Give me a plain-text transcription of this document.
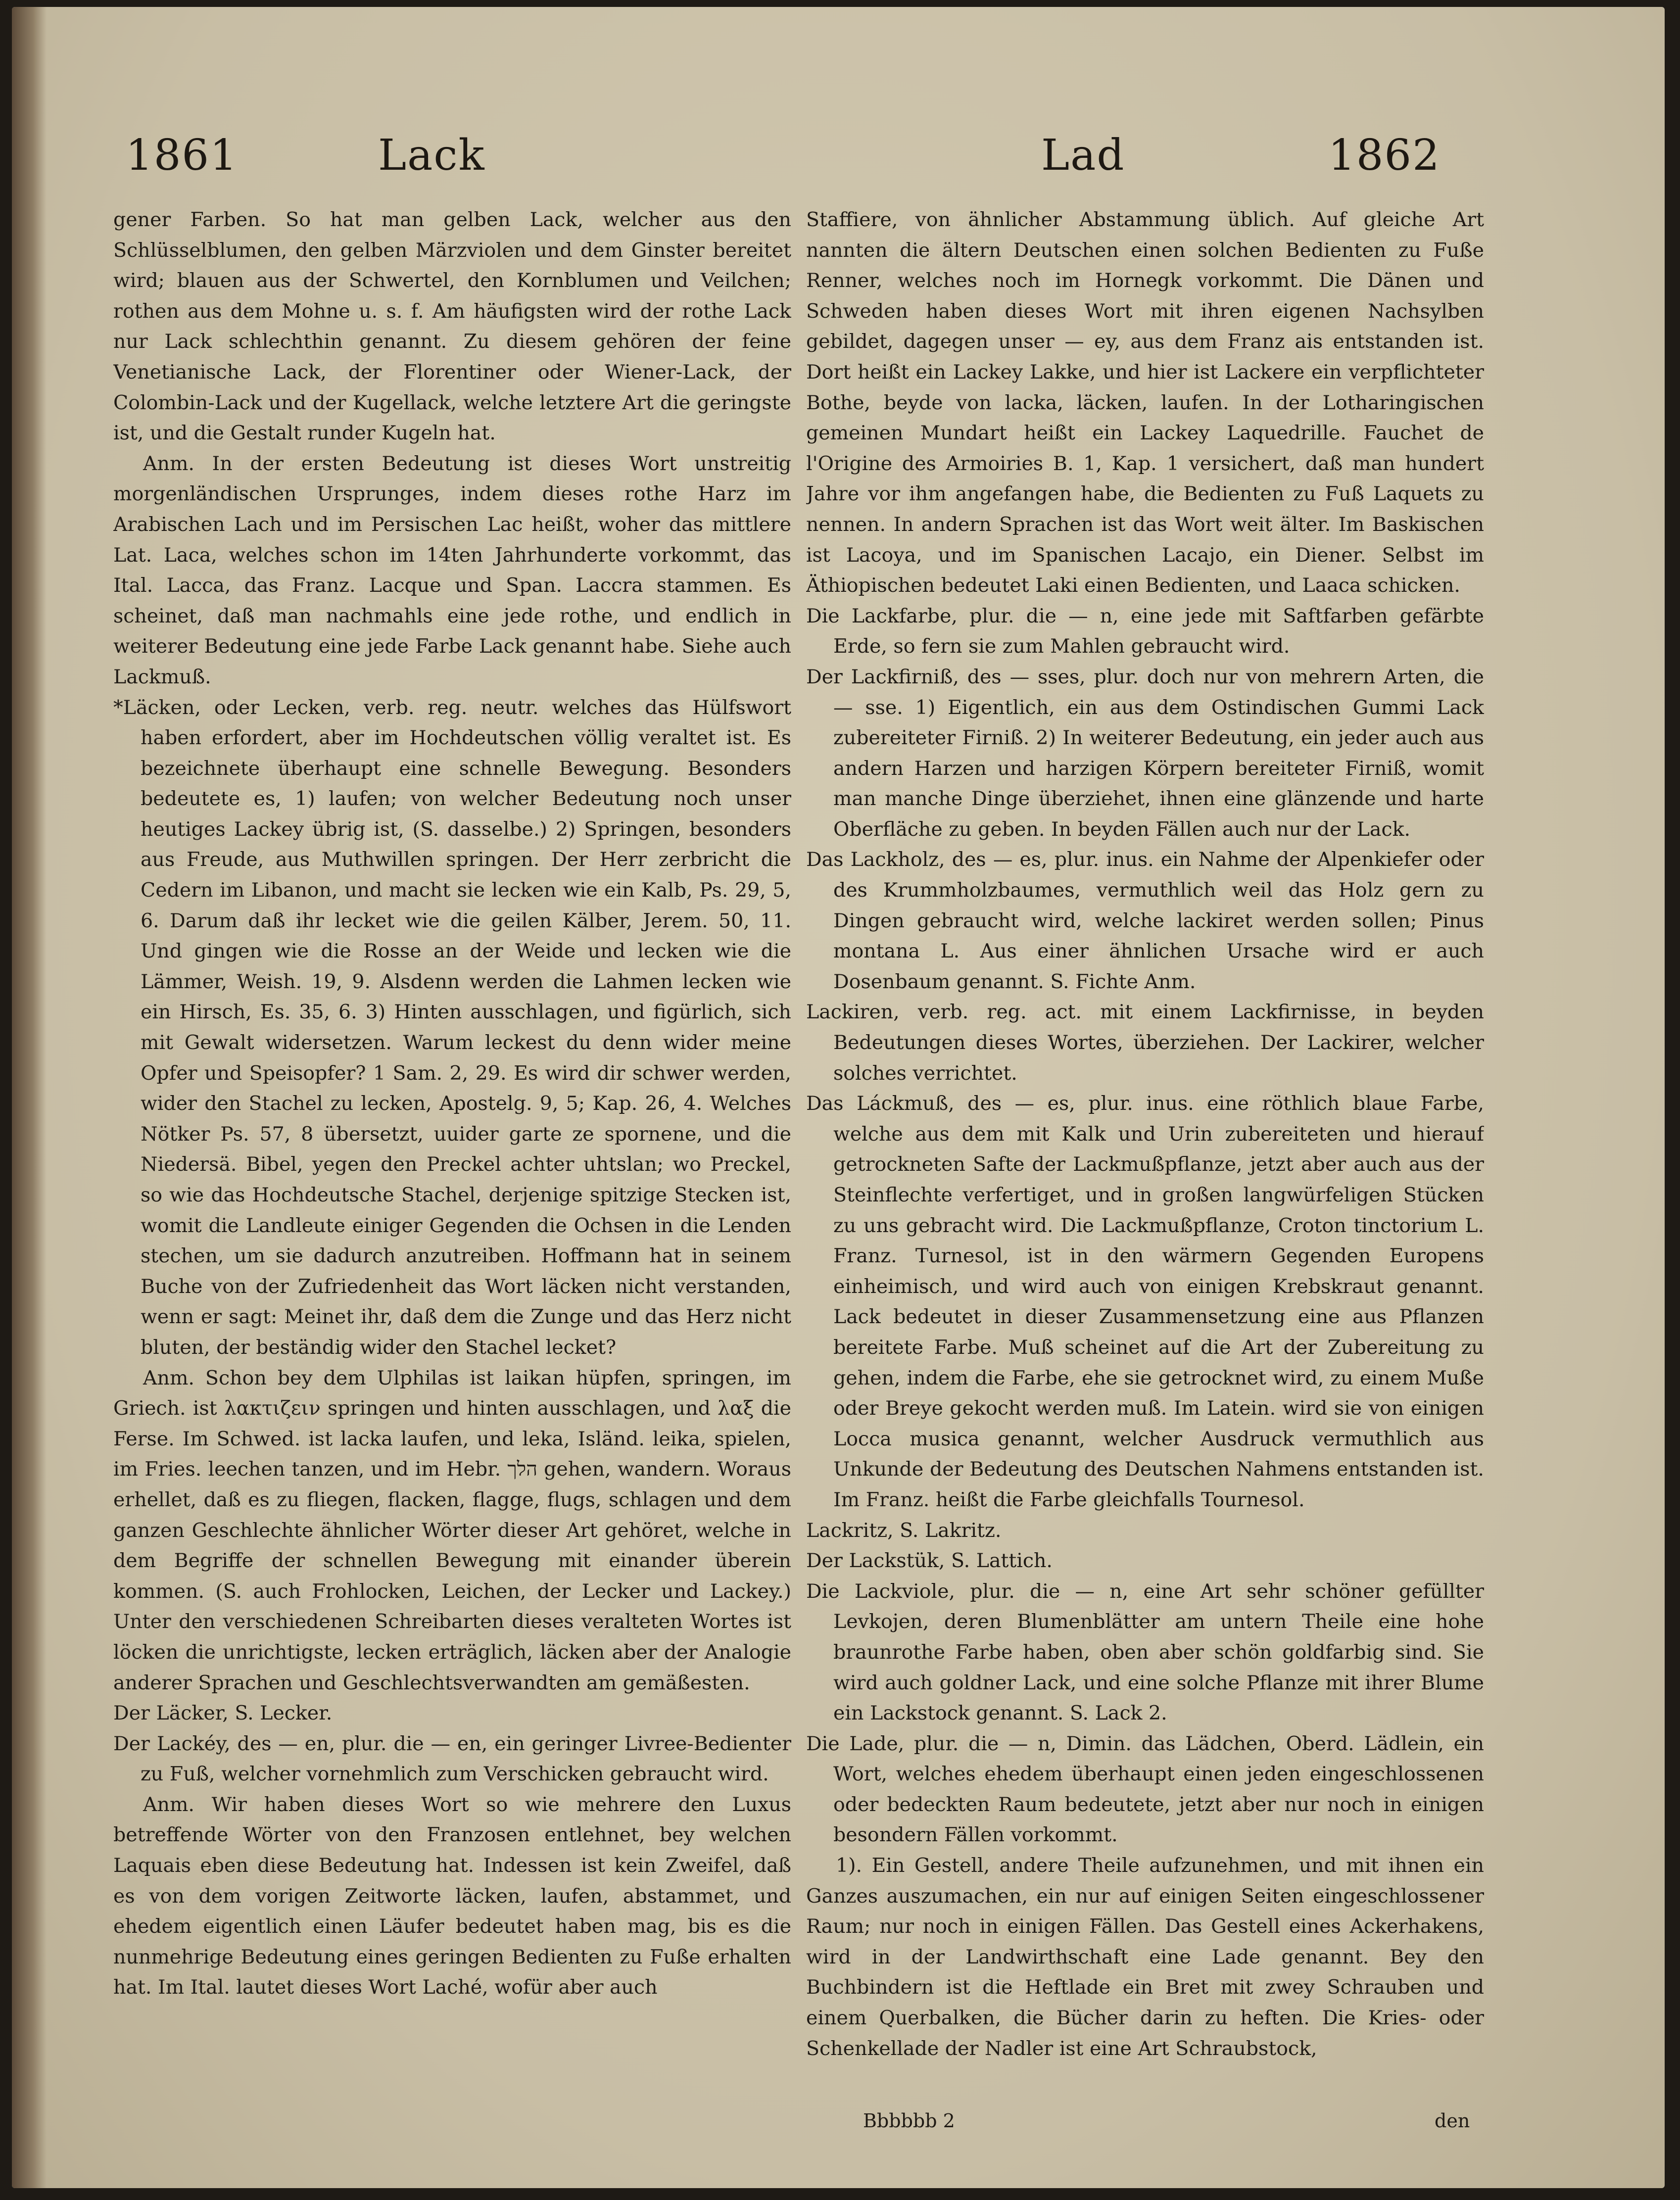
1861	Lack	Lad	1862

gener Farben. So hat man gelben Lack, welcher aus den Schlüsselblumen, den gelben Märzviolen und dem Ginster bereitet wird; blauen aus der Schwertel, den Kornblumen und Veilchen; rothen aus dem Mohne u. s. f. Am häufigsten wird der rothe Lack nur Lack schlechthin genannt. Zu diesem gehören der feine Venetianische Lack, der Florentiner oder Wiener-Lack, der Colombin-Lack und der Kugellack, welche letztere Art die geringste ist, und die Gestalt runder Kugeln hat.

Anm. In der ersten Bedeutung ist dieses Wort unstreitig morgenländischen Ursprunges, indem dieses rothe Harz im Arabischen Lach und im Persischen Lac heißt, woher das mittlere Lat. Laca, welches schon im 14ten Jahrhunderte vorkommt, das Ital. Lacca, das Franz. Lacque und Span. Laccra stammen. Es scheinet, daß man nachmahls eine jede rothe, und endlich in weiterer Bedeutung eine jede Farbe Lack genannt habe. Siehe auch Lackmuß.

*Läcken, oder Lecken, verb. reg. neutr. welches das Hülfswort haben erfordert, aber im Hochdeutschen völlig veraltet ist. Es bezeichnete überhaupt eine schnelle Bewegung. Besonders bedeutete es, 1) laufen; von welcher Bedeutung noch unser heutiges Lackey übrig ist, (S. dasselbe.) 2) Springen, besonders aus Freude, aus Muthwillen springen. Der Herr zerbricht die Cedern im Libanon, und macht sie lecken wie ein Kalb, Ps. 29, 5, 6. Darum daß ihr lecket wie die geilen Kälber, Jerem. 50, 11. Und gingen wie die Rosse an der Weide und lecken wie die Lämmer, Weish. 19, 9. Alsdenn werden die Lahmen lecken wie ein Hirsch, Es. 35, 6. 3) Hinten ausschlagen, und figürlich, sich mit Gewalt widersetzen. Warum leckest du denn wider meine Opfer und Speisopfer? 1 Sam. 2, 29. Es wird dir schwer werden, wider den Stachel zu lecken, Apostelg. 9, 5; Kap. 26, 4. Welches Nötker Ps. 57, 8 übersetzt, uuider garte ze spornene, und die Niedersä. Bibel, yegen den Preckel achter uhtslan; wo Preckel, so wie das Hochdeutsche Stachel, derjenige spitzige Stecken ist, womit die Landleute einiger Gegenden die Ochsen in die Lenden stechen, um sie dadurch anzutreiben. Hoffmann hat in seinem Buche von der Zufriedenheit das Wort läcken nicht verstanden, wenn er sagt: Meinet ihr, daß dem die Zunge und das Herz nicht bluten, der beständig wider den Stachel lecket?

Anm. Schon bey dem Ulphilas ist laikan hüpfen, springen, im Griech. ist λακτιζειν springen und hinten ausschlagen, und λαξ die Ferse. Im Schwed. ist lacka laufen, und leka, Isländ. leika, spielen, im Fries. leechen tanzen, und im Hebr. הלך gehen, wandern. Woraus erhellet, daß es zu fliegen, flacken, flagge, flugs, schlagen und dem ganzen Geschlechte ähnlicher Wörter dieser Art gehöret, welche in dem Begriffe der schnellen Bewegung mit einander überein kommen. (S. auch Frohlocken, Leichen, der Lecker und Lackey.) Unter den verschiedenen Schreibarten dieses veralteten Wortes ist löcken die unrichtigste, lecken erträglich, läcken aber der Analogie anderer Sprachen und Geschlechtsverwandten am gemäßesten.

Der Läcker, S. Lecker.

Der Lackéy, des — en, plur. die — en, ein geringer Livree-Bedienter zu Fuß, welcher vornehmlich zum Verschicken gebraucht wird.

Anm. Wir haben dieses Wort so wie mehrere den Luxus betreffende Wörter von den Franzosen entlehnet, bey welchen Laquais eben diese Bedeutung hat. Indessen ist kein Zweifel, daß es von dem vorigen Zeitworte läcken, laufen, abstammet, und ehedem eigentlich einen Läufer bedeutet haben mag, bis es die nunmehrige Bedeutung eines geringen Bedienten zu Fuße erhalten hat. Im Ital. lautet dieses Wort Laché, wofür aber auch

Staffiere, von ähnlicher Abstammung üblich. Auf gleiche Art nannten die ältern Deutschen einen solchen Bedienten zu Fuße Renner, welches noch im Hornegk vorkommt. Die Dänen und Schweden haben dieses Wort mit ihren eigenen Nachsylben gebildet, dagegen unser — ey, aus dem Franz ais entstanden ist. Dort heißt ein Lackey Lakke, und hier ist Lackere ein verpflichteter Bothe, beyde von lacka, läcken, laufen. In der Lotharingischen gemeinen Mundart heißt ein Lackey Laquedrille. Fauchet de l'Origine des Armoiries B. 1, Kap. 1 versichert, daß man hundert Jahre vor ihm angefangen habe, die Bedienten zu Fuß Laquets zu nennen. In andern Sprachen ist das Wort weit älter. Im Baskischen ist Lacoya, und im Spanischen Lacajo, ein Diener. Selbst im Äthiopischen bedeutet Laki einen Bedienten, und Laaca schicken.

Die Lackfarbe, plur. die — n, eine jede mit Saftfarben gefärbte Erde, so fern sie zum Mahlen gebraucht wird.

Der Lackfirniß, des — sses, plur. doch nur von mehrern Arten, die — sse. 1) Eigentlich, ein aus dem Ostindischen Gummi Lack zubereiteter Firniß. 2) In weiterer Bedeutung, ein jeder auch aus andern Harzen und harzigen Körpern bereiteter Firniß, womit man manche Dinge überziehet, ihnen eine glänzende und harte Oberfläche zu geben. In beyden Fällen auch nur der Lack.

Das Lackholz, des — es, plur. inus. ein Nahme der Alpenkiefer oder des Krummholzbaumes, vermuthlich weil das Holz gern zu Dingen gebraucht wird, welche lackiret werden sollen; Pinus montana L. Aus einer ähnlichen Ursache wird er auch Dosenbaum genannt. S. Fichte Anm.

Lackiren, verb. reg. act. mit einem Lackfirnisse, in beyden Bedeutungen dieses Wortes, überziehen. Der Lackirer, welcher solches verrichtet.

Das Láckmuß, des — es, plur. inus. eine röthlich blaue Farbe, welche aus dem mit Kalk und Urin zubereiteten und hierauf getrockneten Safte der Lackmußpflanze, jetzt aber auch aus der Steinflechte verfertiget, und in großen langwürfeligen Stücken zu uns gebracht wird. Die Lackmußpflanze, Croton tinctorium L. Franz. Turnesol, ist in den wärmern Gegenden Europens einheimisch, und wird auch von einigen Krebskraut genannt. Lack bedeutet in dieser Zusammensetzung eine aus Pflanzen bereitete Farbe. Muß scheinet auf die Art der Zubereitung zu gehen, indem die Farbe, ehe sie getrocknet wird, zu einem Muße oder Breye gekocht werden muß. Im Latein. wird sie von einigen Locca musica genannt, welcher Ausdruck vermuthlich aus Unkunde der Bedeutung des Deutschen Nahmens entstanden ist. Im Franz. heißt die Farbe gleichfalls Tournesol.

Lackritz, S. Lakritz.

Der Lackstük, S. Lattich.

Die Lackviole, plur. die — n, eine Art sehr schöner gefüllter Levkojen, deren Blumenblätter am untern Theile eine hohe braunrothe Farbe haben, oben aber schön goldfarbig sind. Sie wird auch goldner Lack, und eine solche Pflanze mit ihrer Blume ein Lackstock genannt. S. Lack 2.

Die Lade, plur. die — n, Dimin. das Lädchen, Oberd. Lädlein, ein Wort, welches ehedem überhaupt einen jeden eingeschlossenen oder bedeckten Raum bedeutete, jetzt aber nur noch in einigen besondern Fällen vorkommt.

1). Ein Gestell, andere Theile aufzunehmen, und mit ihnen ein Ganzes auszumachen, ein nur auf einigen Seiten eingeschlossener Raum; nur noch in einigen Fällen. Das Gestell eines Ackerhakens, wird in der Landwirthschaft eine Lade genannt. Bey den Buchbindern ist die Heftlade ein Bret mit zwey Schrauben und einem Querbalken, die Bücher darin zu heften. Die Kries- oder Schenkellade der Nadler ist eine Art Schraubstock,

Bbbbbb 2	den
